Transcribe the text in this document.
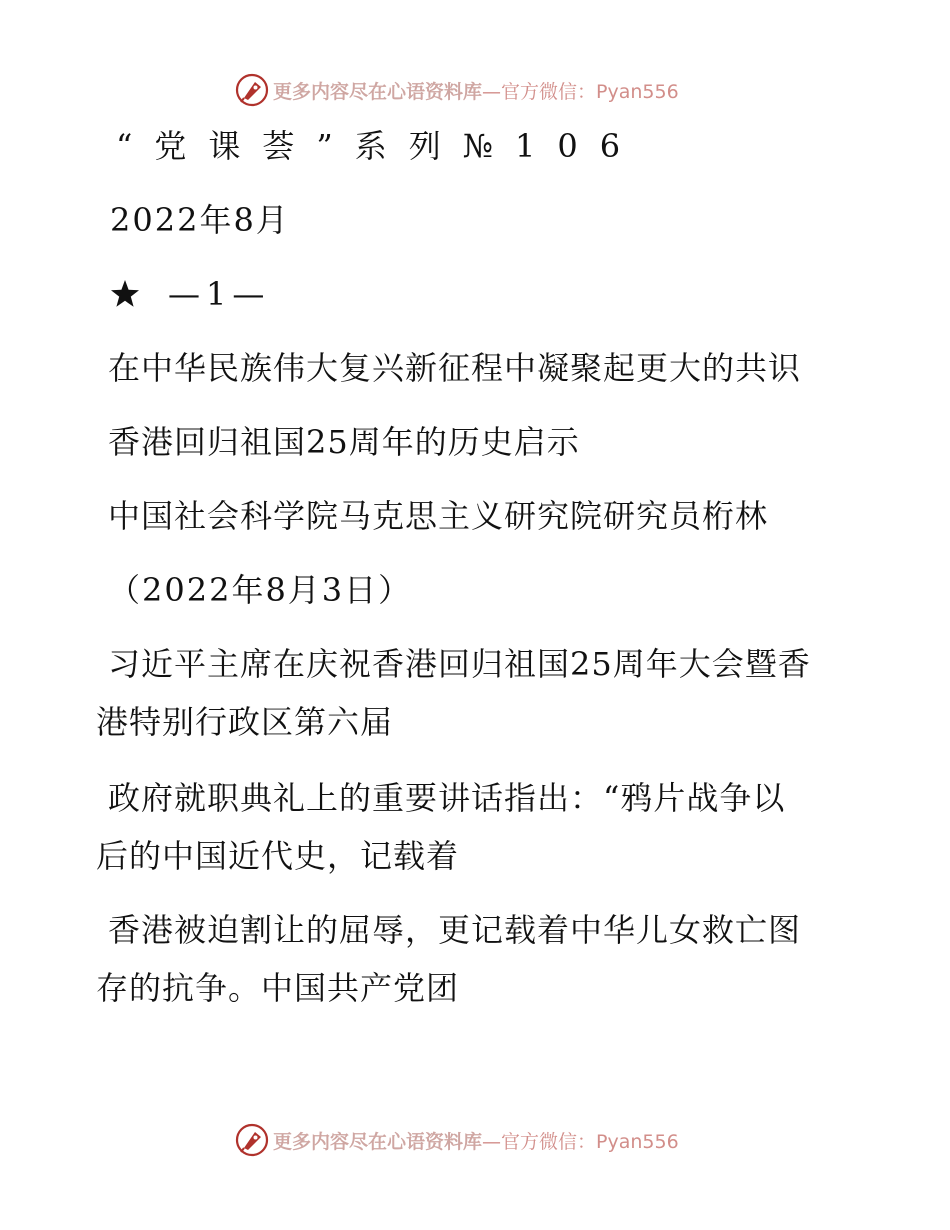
更多内容尽在心语资料库 —官方微信：Pyan556
“党课荟”系列№106
2022年8月
—1—
在中华民族伟大复兴新征程中凝聚起更大的共识
香港回归祖国25周年的历史启示
中国社会科学院马克思主义研究院研究员桁林
（2022年8月3日）
习近平主席在庆祝香港回归祖国25周年大会暨香
港特别行政区第六届
政府就职典礼上的重要讲话指出：“鸦片战争以
后的中国近代史，记载着
香港被迫割让的屈辱，更记载着中华儿女救亡图
存的抗争。中国共产党团
更多内容尽在心语资料库 —官方微信：Pyan556
